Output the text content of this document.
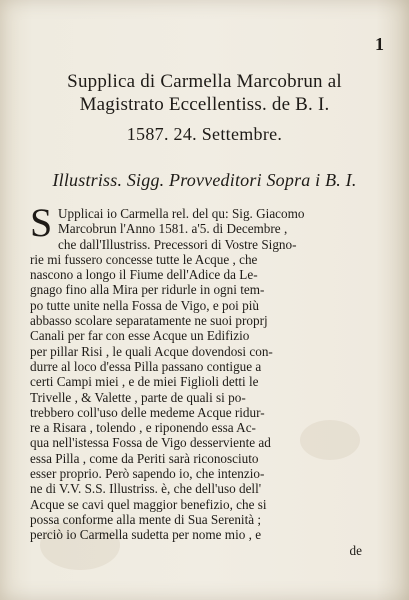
1
Supplica di Carmella Marcobrun al
Magistrato Eccellentiss. de B. I.
1587. 24. Settembre.
Illustriss. Sigg. Provveditori Sopra i B. I.
S Upplicai io Carmella rel. del qu: Sig. Giacomo
Marcobrun l'Anno 1581. a'5. di Decembre ,
che dall'Illustriss. Precessori di Vostre Signo-
rie mi fussero concesse tutte le Acque , che
nascono a longo il Fiume dell'Adice da Le-
gnago fino alla Mira per ridurle in ogni tem-
po tutte unite nella Fossa de Vigo, e poi più
abbasso scolare separatamente ne suoi proprj
Canali per far con esse Acque un Edifizio
per pillar Risi , le quali Acque dovendosi con-
durre al loco d'essa Pilla passano contigue a
certi Campi miei , e de miei Figlioli detti le
Trivelle , & Valette , parte de quali si po-
trebbero coll'uso delle medeme Acque ridur-
re a Risara , tolendo , e riponendo essa Ac-
qua nell'istessa Fossa de Vigo desserviente ad
essa Pilla , come da Periti sarà riconosciuto
esser proprio. Però sapendo io, che intenzio-
ne di V.V. S.S. Illustriss. è, che dell'uso dell'
Acque se cavi quel maggior benefizio, che si
possa conforme alla mente di Sua Serenità ;
perciò io Carmella sudetta per nome mio , e
de
